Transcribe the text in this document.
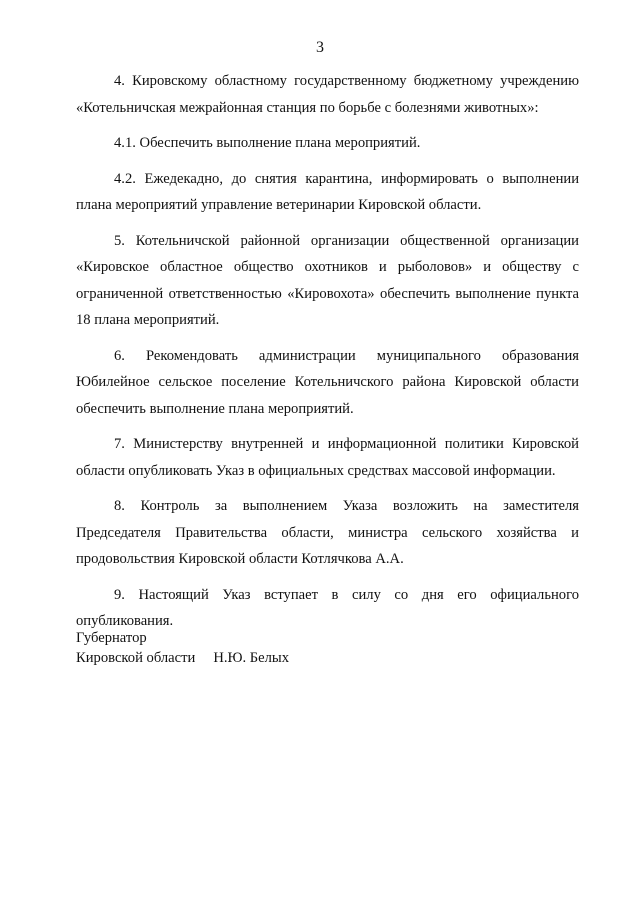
3

4. Кировскому областному государственному бюджетному учреждению «Котельничская межрайонная станция по борьбе с болезнями животных»:

4.1. Обеспечить выполнение плана мероприятий.

4.2. Ежедекадно, до снятия карантина, информировать о выполнении плана мероприятий управление ветеринарии Кировской области.

5. Котельничской районной организации общественной организации «Кировское областное общество охотников и рыболовов» и обществу с ограниченной ответственностью «Кировохота» обеспечить выполнение пункта 18 плана мероприятий.

6. Рекомендовать администрации муниципального образования Юбилейное сельское поселение Котельничского района Кировской области обеспечить выполнение плана мероприятий.

7. Министерству внутренней и информационной политики Кировской области опубликовать Указ в официальных средствах массовой информации.

8. Контроль за выполнением Указа возложить на заместителя Председателя Правительства области, министра сельского хозяйства и продовольствия Кировской области Котлячкова А.А.

9. Настоящий Указ вступает в силу со дня его официального опубликования.

Губернатор
Кировской области Н.Ю. Белых
